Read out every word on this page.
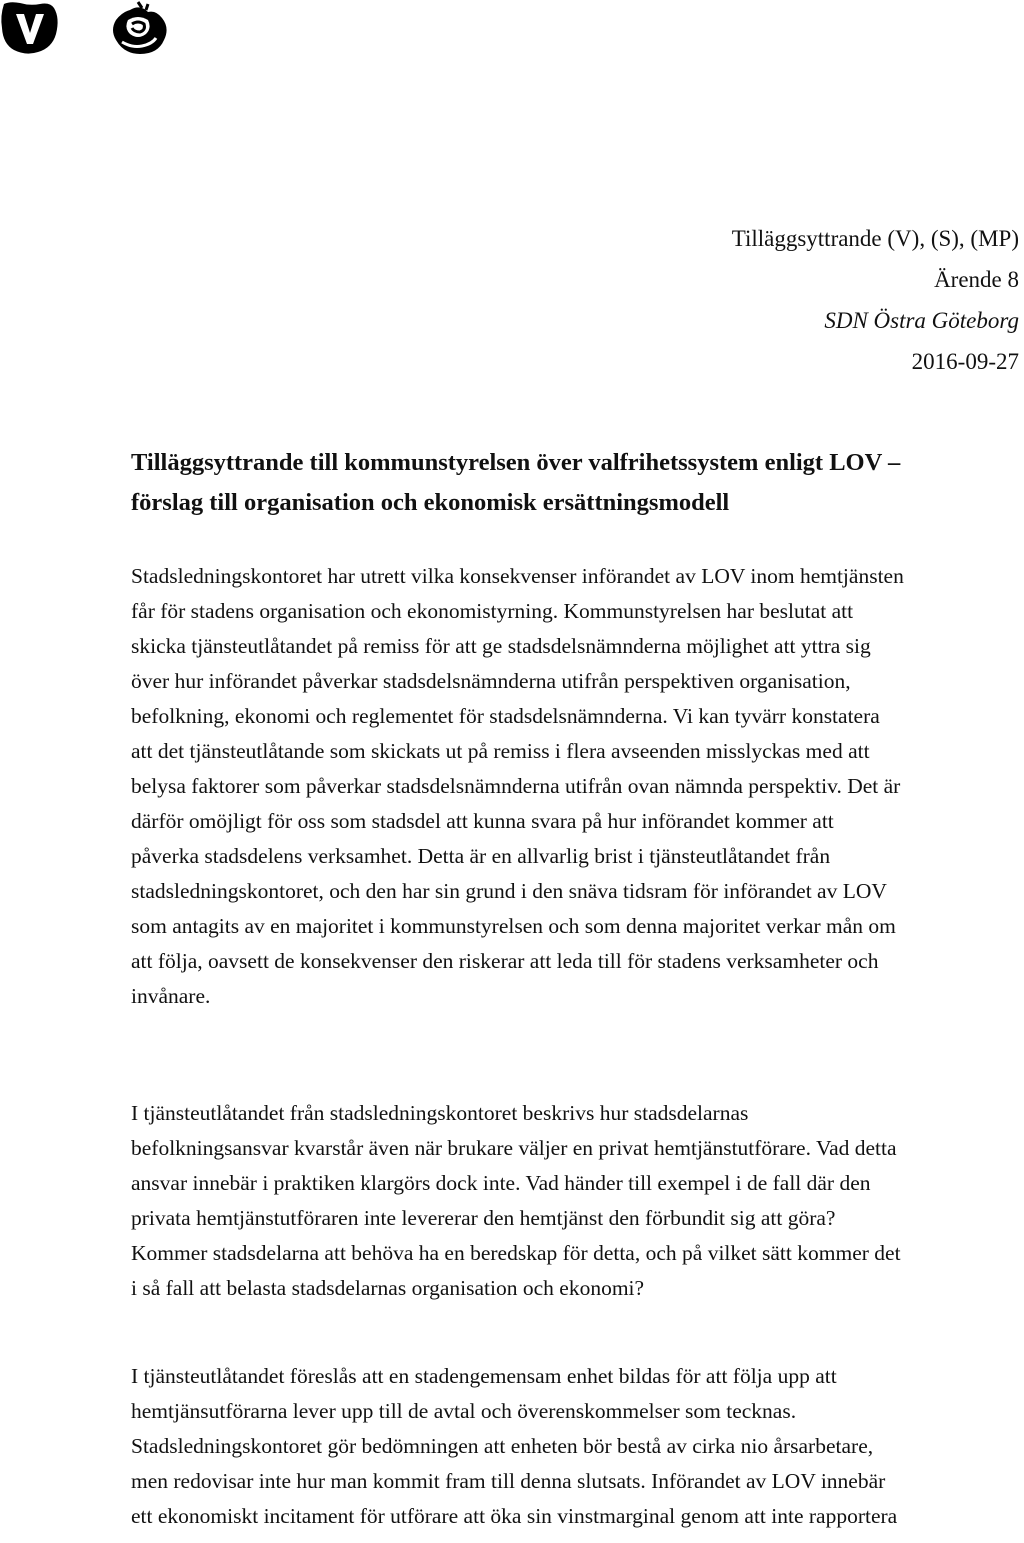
Tilläggsyttrande (V), (S), (MP)
Ärende 8
SDN Östra Göteborg
2016-09-27
Tilläggsyttrande till kommunstyrelsen över valfrihetssystem enligt LOV –
förslag till organisation och ekonomisk ersättningsmodell
Stadsledningskontoret har utrett vilka konsekvenser införandet av LOV inom hemtjänsten
får för stadens organisation och ekonomistyrning. Kommunstyrelsen har beslutat att
skicka tjänsteutlåtandet på remiss för att ge stadsdelsnämnderna möjlighet att yttra sig
över hur införandet påverkar stadsdelsnämnderna utifrån perspektiven organisation,
befolkning, ekonomi och reglementet för stadsdelsnämnderna. Vi kan tyvärr konstatera
att det tjänsteutlåtande som skickats ut på remiss i flera avseenden misslyckas med att
belysa faktorer som påverkar stadsdelsnämnderna utifrån ovan nämnda perspektiv. Det är
därför omöjligt för oss som stadsdel att kunna svara på hur införandet kommer att
påverka stadsdelens verksamhet. Detta är en allvarlig brist i tjänsteutlåtandet från
stadsledningskontoret, och den har sin grund i den snäva tidsram för införandet av LOV
som antagits av en majoritet i kommunstyrelsen och som denna majoritet verkar mån om
att följa, oavsett de konsekvenser den riskerar att leda till för stadens verksamheter och
invånare.
I tjänsteutlåtandet från stadsledningskontoret beskrivs hur stadsdelarnas
befolkningsansvar kvarstår även när brukare väljer en privat hemtjänstutförare. Vad detta
ansvar innebär i praktiken klargörs dock inte. Vad händer till exempel i de fall där den
privata hemtjänstutföraren inte levererar den hemtjänst den förbundit sig att göra?
Kommer stadsdelarna att behöva ha en beredskap för detta, och på vilket sätt kommer det
i så fall att belasta stadsdelarnas organisation och ekonomi?
I tjänsteutlåtandet föreslås att en stadengemensam enhet bildas för att följa upp att
hemtjänsutförarna lever upp till de avtal och överenskommelser som tecknas.
Stadsledningskontoret gör bedömningen att enheten bör bestå av cirka nio årsarbetare,
men redovisar inte hur man kommit fram till denna slutsats. Införandet av LOV innebär
ett ekonomiskt incitament för utförare att öka sin vinstmarginal genom att inte rapportera
